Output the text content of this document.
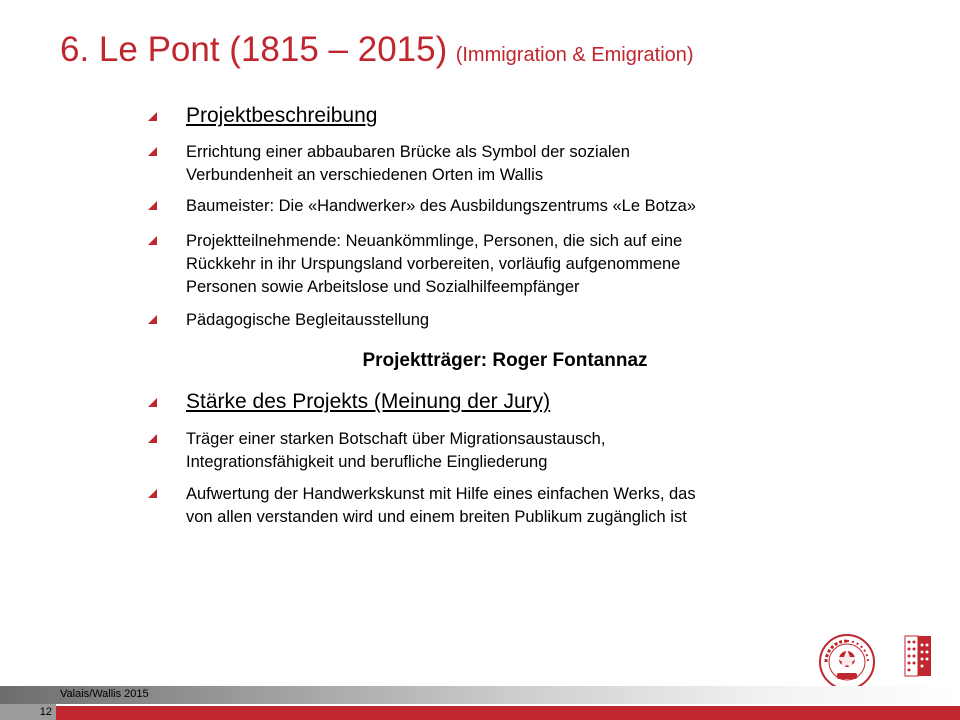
6. Le Pont (1815 – 2015) (Immigration & Emigration)
Projektbeschreibung
Errichtung einer abbaubaren Brücke als Symbol der sozialen
Verbundenheit an verschiedenen Orten im Wallis
Baumeister: Die «Handwerker» des Ausbildungszentrums «Le Botza»
Projektteilnehmende: Neuankömmlinge, Personen, die sich auf eine
Rückkehr in ihr Urspungsland vorbereiten, vorläufig aufgenommene
Personen sowie Arbeitslose und Sozialhilfeempfänger
Pädagogische Begleitausstellung
Projektträger: Roger Fontannaz
Stärke des Projekts (Meinung der Jury)
Träger einer starken Botschaft über Migrationsaustausch,
Integrationsfähigkeit und berufliche Eingliederung
Aufwertung der Handwerkskunst mit Hilfe eines einfachen Werks, das
von allen verstanden wird und einem breiten Publikum zugänglich ist
12
Valais/Wallis 2015
